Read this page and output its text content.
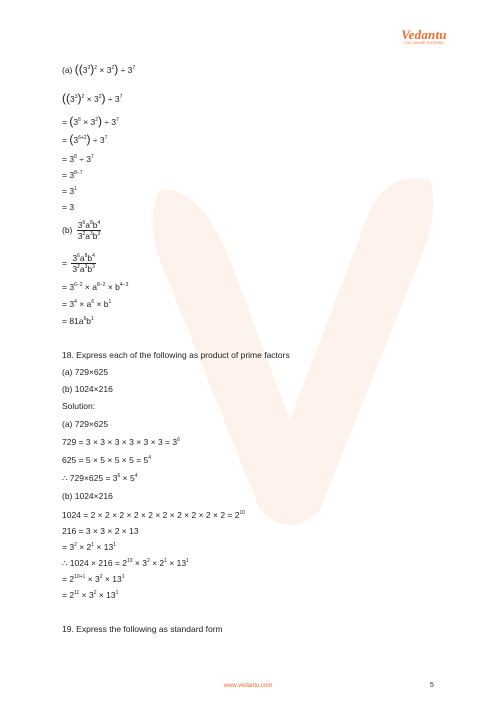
Vedantu
LIVE ONLINE TUTORING
(a) $((3^3)^2 \times 3^2) \div 3^7$
$((3^3)^2 \times 3^2) \div 3^7$
= $(3^6 \times 3^2) \div 3^7$
= $(3^{6+2}) \div 3^7$
= $3^8 \div 3^7$
= $3^{8-7}$
= $3^1$
= 3
$(b) \frac{3^6a^8b^4}{3^2a^3b^3}$
= $\frac{3^6a^8b^4}{3^2a^3b^3}$
= $3^{6-2} \times a^{8-2} \times b^{4-3}$
= $3^4 \times a^6 \times b^1$
= $81a^6b^1$
18. Express each of the following as product of prime factors
(a) 729×625
(b) 1024×216
Solution:
(a) 729×625
$729 = 3 \times 3 \times 3 \times 3 \times 3 \times 3 = 3^6$
$625 = 5 \times 5 \times 5 \times 5 = 5^4$
∴ $729\times 625 = 3^6 \times 5^4$
(b) 1024×216
$1024 = 2 \times 2 \times 2 \times 2 \times 2 \times 2 \times 2 \times 2 \times 2 \times 2 = 2^{10}$
216 = 3 × 3 × 2 × 13
= $3^2 \times 2^1 \times 13^1$
∴ $1024 \times 216 = 2^{10} \times 3^2 \times 2^1 \times 13^1$
= $2^{10+1} \times 3^2 \times 13^1$
= $2^{11} \times 3^2 \times 13^1$
19. Express the following as standard form
www.vedantu.com	5
